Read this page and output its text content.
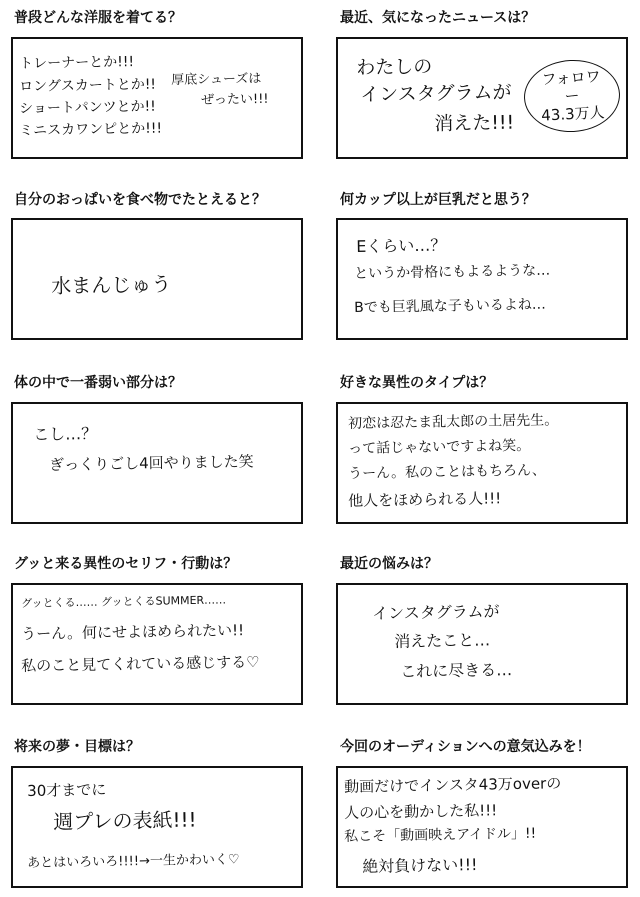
普段どんな洋服を着てる？
トレーナーとか!!!
ロングスカートとか!!
ショートパンツとか!!
ミニスカワンピとか!!!
厚底シューズは
ぜったい!!!
最近、気になったニュースは？
わたしの
インスタグラムが
消えた!!!
フォロワー
43.3万人
自分のおっぱいを食べ物でたとえると？
水まんじゅう
何カップ以上が巨乳だと思う？
Eくらい…？
というか骨格にもよるような…
Bでも巨乳風な子もいるよね…
体の中で一番弱い部分は？
こし…？
ぎっくりごし4回やりました笑
好きな異性のタイプは？
初恋は忍たま乱太郎の土居先生。
って話じゃないですよね笑。
うーん。私のことはもちろん、
他人をほめられる人!!!
グッと来る異性のセリフ・行動は？
グッとくる…… グッとくるSUMMER……
うーん。何にせよほめられたい!!
私のこと見てくれている感じする♡
最近の悩みは？
インスタグラムが
消えたこと…
これに尽きる…
将来の夢・目標は？
30才までに
週プレの表紙!!!
あとはいろいろ!!!!→一生かわいく♡
今回のオーディションへの意気込みを！
動画だけでインスタ43万overの
人の心を動かした私!!!
私こそ「動画映えアイドル」!!
絶対負けない!!!
